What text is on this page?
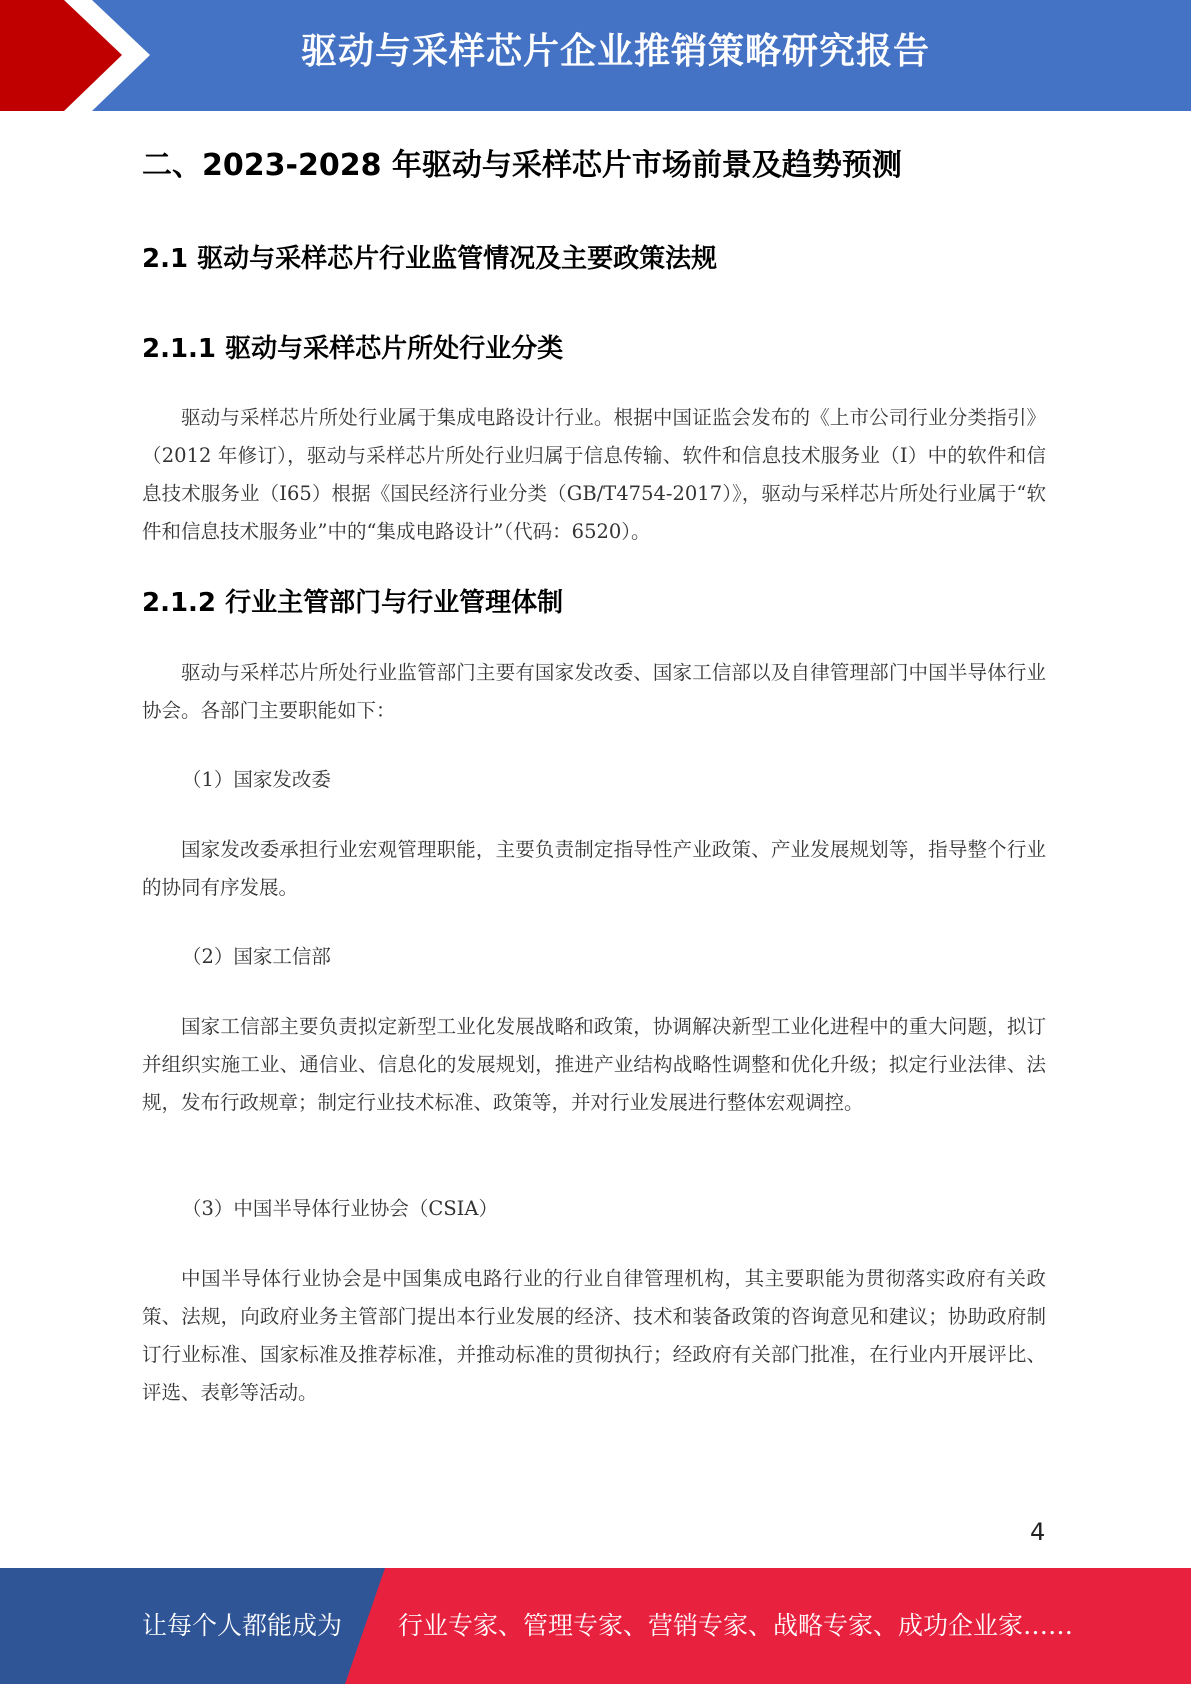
驱动与采样芯片企业推销策略研究报告
二、2023-2028 年驱动与采样芯片市场前景及趋势预测
2.1 驱动与采样芯片行业监管情况及主要政策法规
2.1.1 驱动与采样芯片所处行业分类

驱动与采样芯片所处行业属于集成电路设计行业。根据中国证监会发布的《上市公司行业分类指引》（2012 年修订），驱动与采样芯片所处行业归属于信息传输、软件和信息技术服务业（I）中的软件和信息技术服务业（I65）根据《国民经济行业分类（GB/T4754-2017）》，驱动与采样芯片所处行业属于“软件和信息技术服务业”中的“集成电路设计”（代码：6520）。

2.1.2 行业主管部门与行业管理体制

驱动与采样芯片所处行业监管部门主要有国家发改委、国家工信部以及自律管理部门中国半导体行业协会。各部门主要职能如下：

（1）国家发改委

国家发改委承担行业宏观管理职能，主要负责制定指导性产业政策、产业发展规划等，指导整个行业的协同有序发展。

（2）国家工信部

国家工信部主要负责拟定新型工业化发展战略和政策，协调解决新型工业化进程中的重大问题，拟订并组织实施工业、通信业、信息化的发展规划，推进产业结构战略性调整和优化升级；拟定行业法律、法规，发布行政规章；制定行业技术标准、政策等，并对行业发展进行整体宏观调控。

（3）中国半导体行业协会（CSIA）

中国半导体行业协会是中国集成电路行业的行业自律管理机构，其主要职能为贯彻落实政府有关政策、法规，向政府业务主管部门提出本行业发展的经济、技术和装备政策的咨询意见和建议；协助政府制订行业标准、国家标准及推荐标准，并推动标准的贯彻执行；经政府有关部门批准，在行业内开展评比、评选、表彰等活动。

4
让每个人都能成为 行业专家、管理专家、营销专家、战略专家、成功企业家……
